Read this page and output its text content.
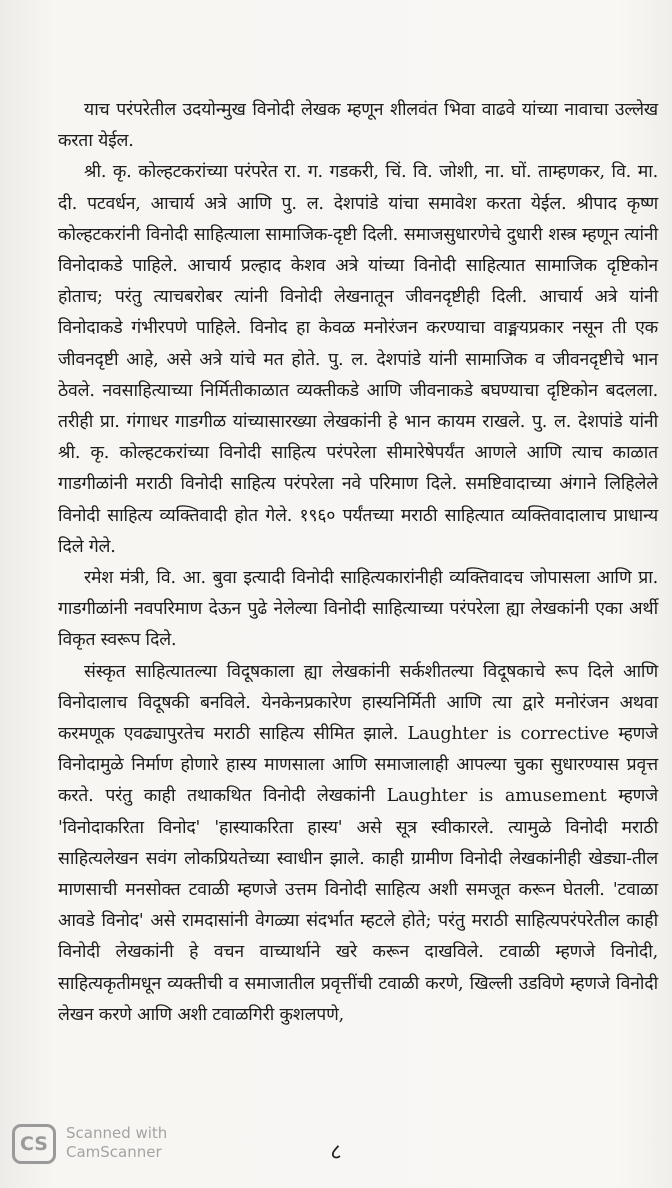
याच परंपरेतील उदयोन्मुख विनोदी लेखक म्हणून शीलवंत भिवा वाढवे यांच्या नावाचा उल्लेख करता येईल.

श्री. कृ. कोल्हटकरांच्या परंपरेत रा. ग. गडकरी, चिं. वि. जोशी, ना. घों. ताम्हणकर, वि. मा. दी. पटवर्धन, आचार्य अत्रे आणि पु. ल. देशपांडे यांचा समावेश करता येईल. श्रीपाद कृष्ण कोल्हटकरांनी विनोदी साहित्याला सामाजिक-दृष्टी दिली. समाजसुधारणेचे दुधारी शस्त्र म्हणून त्यांनी विनोदाकडे पाहिले. आचार्य प्रल्हाद केशव अत्रे यांच्या विनोदी साहित्यात सामाजिक दृष्टिकोन होताच; परंतु त्याचबरोबर त्यांनी विनोदी लेखनातून जीवनदृष्टीही दिली. आचार्य अत्रे यांनी विनोदाकडे गंभीरपणे पाहिले. विनोद हा केवळ मनोरंजन करण्याचा वाङ्मयप्रकार नसून ती एक जीवनदृष्टी आहे, असे अत्रे यांचे मत होते. पु. ल. देशपांडे यांनी सामाजिक व जीवनदृष्टीचे भान ठेवले. नवसाहित्याच्या निर्मितीकाळात व्यक्तीकडे आणि जीवनाकडे बघण्याचा दृष्टिकोन बदलला. तरीही प्रा. गंगाधर गाडगीळ यांच्यासारख्या लेखकांनी हे भान कायम राखले. पु. ल. देशपांडे यांनी श्री. कृ. कोल्हटकरांच्या विनोदी साहित्य परंपरेला सीमारेषेपर्यंत आणले आणि त्याच काळात गाडगीळांनी मराठी विनोदी साहित्य परंपरेला नवे परिमाण दिले. समष्टिवादाच्या अंगाने लिहिलेले विनोदी साहित्य व्यक्तिवादी होत गेले. १९६० पर्यंतच्या मराठी साहित्यात व्यक्तिवादालाच प्राधान्य दिले गेले.

रमेश मंत्री, वि. आ. बुवा इत्यादी विनोदी साहित्यकारांनीही व्यक्तिवादच जोपासला आणि प्रा. गाडगीळांनी नवपरिमाण देऊन पुढे नेलेल्या विनोदी साहित्याच्या परंपरेला ह्या लेखकांनी एका अर्थी विकृत स्वरूप दिले.

संस्कृत साहित्यातल्या विदूषकाला ह्या लेखकांनी सर्कशीतल्या विदूषकाचे रूप दिले आणि विनोदालाच विदूषकी बनविले. येनकेनप्रकारेण हास्यनिर्मिती आणि त्या द्वारे मनोरंजन अथवा करमणूक एवढ्यापुरतेच मराठी साहित्य सीमित झाले. Laughter is corrective म्हणजे विनोदामुळे निर्माण होणारे हास्य माणसाला आणि समाजालाही आपल्या चुका सुधारण्यास प्रवृत्त करते. परंतु काही तथाकथित विनोदी लेखकांनी Laughter is amusement म्हणजे 'विनोदाकरिता विनोद' 'हास्याकरिता हास्य' असे सूत्र स्वीकारले. त्यामुळे विनोदी मराठी साहित्यलेखन सवंग लोकप्रियतेच्या स्वाधीन झाले. काही ग्रामीण विनोदी लेखकांनीही खेड्या-तील माणसाची मनसोक्त टवाळी म्हणजे उत्तम विनोदी साहित्य अशी समजूत करून घेतली. 'टवाळा आवडे विनोद' असे रामदासांनी वेगळ्या संदर्भात म्हटले होते; परंतु मराठी साहित्यपरंपरेतील काही विनोदी लेखकांनी हे वचन वाच्यार्थाने खरे करून दाखविले. टवाळी म्हणजे विनोदी, साहित्यकृतीमधून व्यक्तीची व समाजातील प्रवृत्तींची टवाळी करणे, खिल्ली उडविणे म्हणजे विनोदी लेखन करणे आणि अशी टवाळगिरी कुशलपणे,

८
CS	Scanned with
CamScanner
